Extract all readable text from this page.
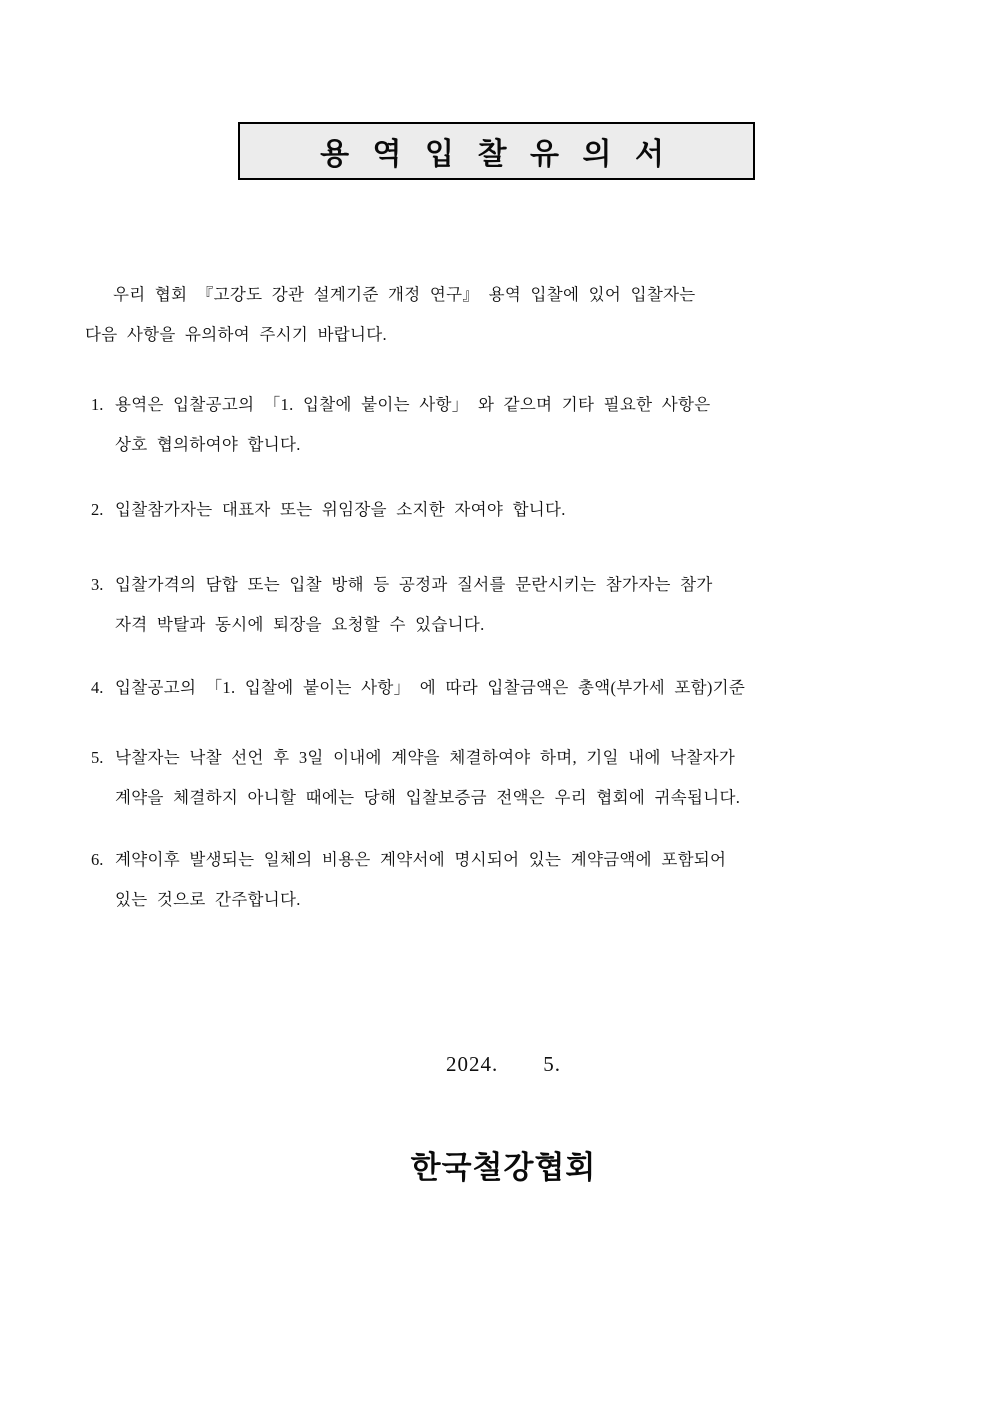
용 역 입 찰 유 의 서
우리 협회 『고강도 강관 설계기준 개정 연구』 용역 입찰에 있어 입찰자는
다음 사항을 유의하여 주시기 바랍니다.
1. 용역은 입찰공고의 「1. 입찰에 붙이는 사항」 와 같으며 기타 필요한 사항은
상호 협의하여야 합니다.
2. 입찰참가자는 대표자 또는 위임장을 소지한 자여야 합니다.
3. 입찰가격의 담합 또는 입찰 방해 등 공정과 질서를 문란시키는 참가자는 참가
자격 박탈과 동시에 퇴장을 요청할 수 있습니다.
4. 입찰공고의 「1. 입찰에 붙이는 사항」 에 따라 입찰금액은 총액(부가세 포함)기준
5. 낙찰자는 낙찰 선언 후 3일 이내에 계약을 체결하여야 하며, 기일 내에 낙찰자가
계약을 체결하지 아니할 때에는 당해 입찰보증금 전액은 우리 협회에 귀속됩니다.
6. 계약이후 발생되는 일체의 비용은 계약서에 명시되어 있는 계약금액에 포함되어
있는 것으로 간주합니다.
2024.    5.
한국철강협회
